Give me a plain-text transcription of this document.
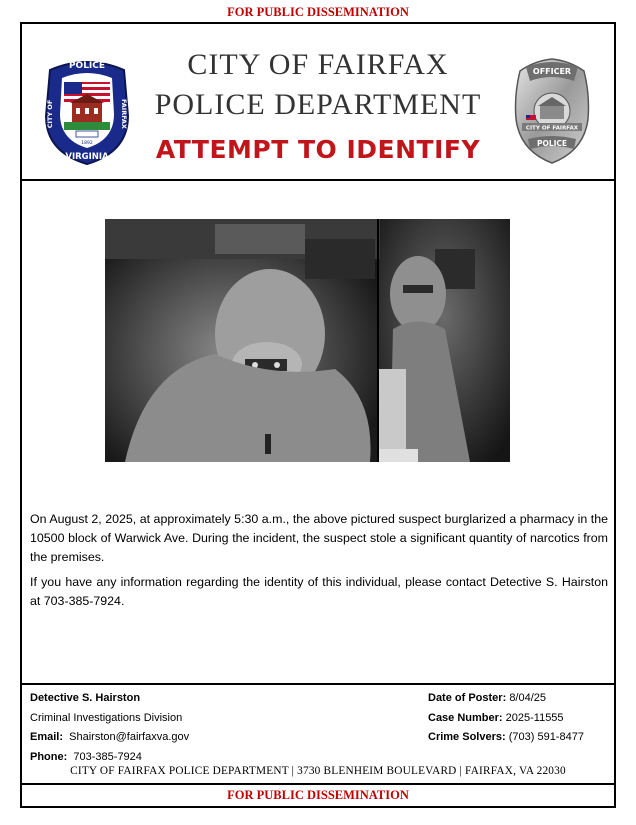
FOR PUBLIC DISSEMINATION
POLICE
CITY OF	FAIRFAX
VIRGINIA
1892
CITY OF FAIRFAX
POLICE DEPARTMENT
ATTEMPT TO IDENTIFY
OFFICER
CITY OF FAIRFAX
POLICE
On August 2, 2025, at approximately 5:30 a.m., the above pictured suspect burglarized a pharmacy in the 10500 block of Warwick Ave. During the incident, the suspect stole a significant quantity of narcotics from the premises.
If you have any information regarding the identity of this individual, please contact Detective S. Hairston at 703-385-7924.
Detective S. Hairston
Criminal Investigations Division
Email: Shairston@fairfaxva.gov
Phone: 703-385-7924
Date of Poster: 8/04/25
Case Number: 2025-11555
Crime Solvers: (703) 591-8477
CITY OF FAIRFAX POLICE DEPARTMENT | 3730 BLENHEIM BOULEVARD | FAIRFAX, VA 22030
FOR PUBLIC DISSEMINATION
